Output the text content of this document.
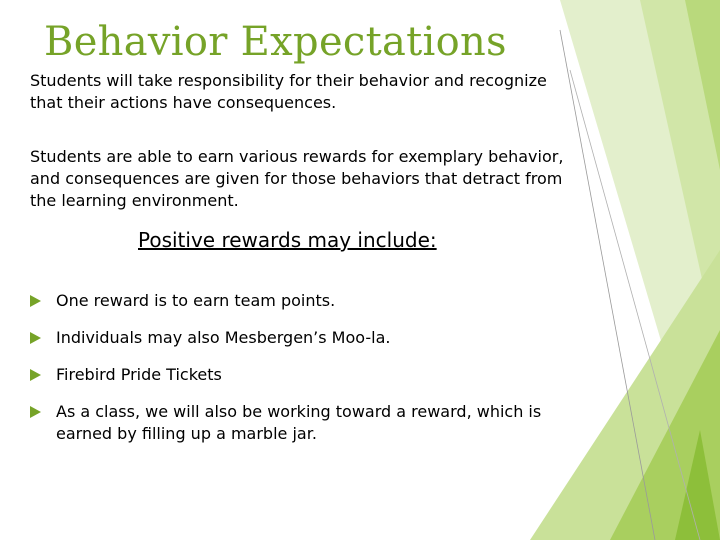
Behavior Expectations

Students will take responsibility for their behavior and recognize that their actions have consequences.

Students are able to earn various rewards for exemplary behavior, and consequences are given for those behaviors that detract from the learning environment.

Positive rewards may include:
One reward is to earn team points.
Individuals may also Mesbergen’s Moo-la.
Firebird Pride Tickets
As a class, we will also be working toward a reward, which is earned by filling up a marble jar.
